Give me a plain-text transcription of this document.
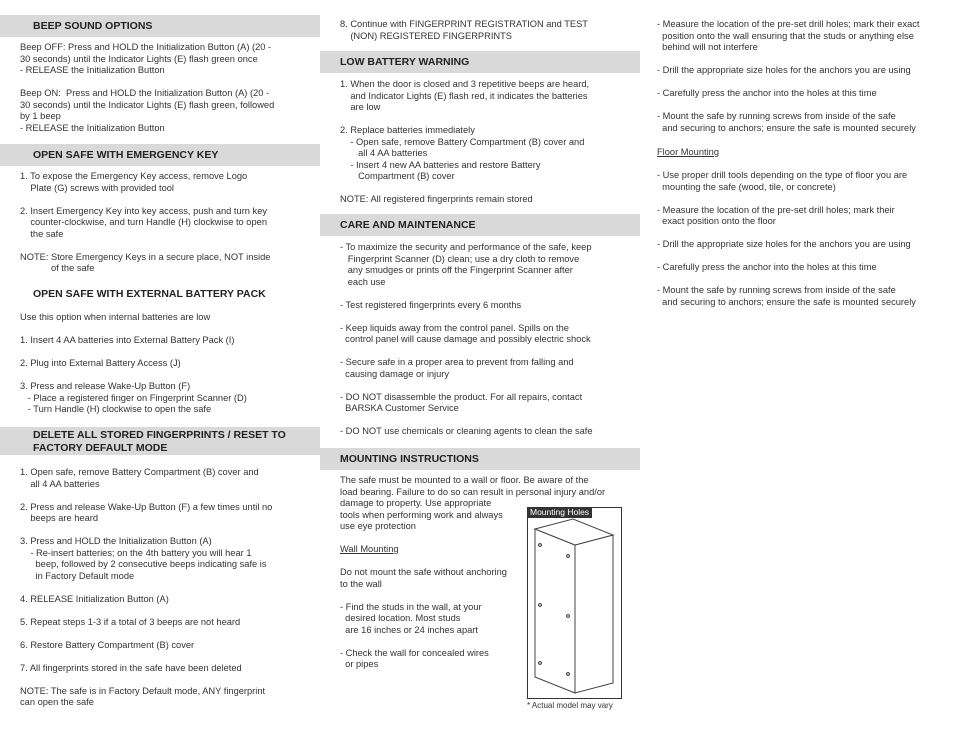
BEEP SOUND OPTIONS
Beep OFF: Press and HOLD the Initialization Button (A) (20 -
30 seconds) until the Indicator Lights (E) flash green once
- RELEASE the Initialization Button

Beep ON:  Press and HOLD the Initialization Button (A) (20 -
30 seconds) until the Indicator Lights (E) flash green, followed
by 1 beep
- RELEASE the Initialization Button
OPEN SAFE WITH EMERGENCY KEY
1. To expose the Emergency Key access, remove Logo
Plate (G) screws with provided tool

2. Insert Emergency Key into key access, push and turn key
counter-clockwise, and turn Handle (H) clockwise to open
the safe

NOTE: Store Emergency Keys in a secure place, NOT inside
of the safe
OPEN SAFE WITH EXTERNAL BATTERY PACK
Use this option when internal batteries are low

1. Insert 4 AA batteries into External Battery Pack (I)

2. Plug into External Battery Access (J)

3. Press and release Wake-Up Button (F)
- Place a registered finger on Fingerprint Scanner (D)
- Turn Handle (H) clockwise to open the safe
DELETE ALL STORED FINGERPRINTS / RESET TO
FACTORY DEFAULT MODE
1. Open safe, remove Battery Compartment (B) cover and
all 4 AA batteries

2. Press and release Wake-Up Button (F) a few times until no
beeps are heard

3. Press and HOLD the Initialization Button (A)
- Re-insert batteries; on the 4th battery you will hear 1
beep, followed by 2 consecutive beeps indicating safe is
in Factory Default mode

4. RELEASE Initialization Button (A)

5. Repeat steps 1-3 if a total of 3 beeps are not heard

6. Restore Battery Compartment (B) cover

7. All fingerprints stored in the safe have been deleted

NOTE: The safe is in Factory Default mode, ANY fingerprint
can open the safe
8. Continue with FINGERPRINT REGISTRATION and TEST
(NON) REGISTERED FINGERPRINTS
LOW BATTERY WARNING
1. When the door is closed and 3 repetitive beeps are heard,
and Indicator Lights (E) flash red, it indicates the batteries
are low

2. Replace batteries immediately
- Open safe, remove Battery Compartment (B) cover and
all 4 AA batteries
- Insert 4 new AA batteries and restore Battery
Compartment (B) cover

NOTE: All registered fingerprints remain stored
CARE AND MAINTENANCE
- To maximize the security and performance of the safe, keep
Fingerprint Scanner (D) clean; use a dry cloth to remove
any smudges or prints off the Fingerprint Scanner after
each use

- Test registered fingerprints every 6 months

- Keep liquids away from the control panel. Spills on the
control panel will cause damage and possibly electric shock

- Secure safe in a proper area to prevent from falling and
causing damage or injury

- DO NOT disassemble the product. For all repairs, contact
BARSKA Customer Service

- DO NOT use chemicals or cleaning agents to clean the safe
MOUNTING INSTRUCTIONS
The safe must be mounted to a wall or floor. Be aware of the
load bearing. Failure to do so can result in personal injury and/or
damage to property. Use appropriate
tools when performing work and always
use eye protection
Wall Mounting
Do not mount the safe without anchoring
to the wall

- Find the studs in the wall, at your
desired location. Most studs
are 16 inches or 24 inches apart

- Check the wall for concealed wires
or pipes
Mounting Holes
* Actual model may vary
- Measure the location of the pre-set drill holes; mark their exact
position onto the wall ensuring that the studs or anything else
behind will not interfere

- Drill the appropriate size holes for the anchors you are using

- Carefully press the anchor into the holes at this time

- Mount the safe by running screws from inside of the safe
and securing to anchors; ensure the safe is mounted securely
Floor Mounting
- Use proper drill tools depending on the type of floor you are
mounting the safe (wood, tile, or concrete)

- Measure the location of the pre-set drill holes; mark their
exact position onto the floor

- Drill the appropriate size holes for the anchors you are using

- Carefully press the anchor into the holes at this time

- Mount the safe by running screws from inside of the safe
and securing to anchors; ensure the safe is mounted securely
